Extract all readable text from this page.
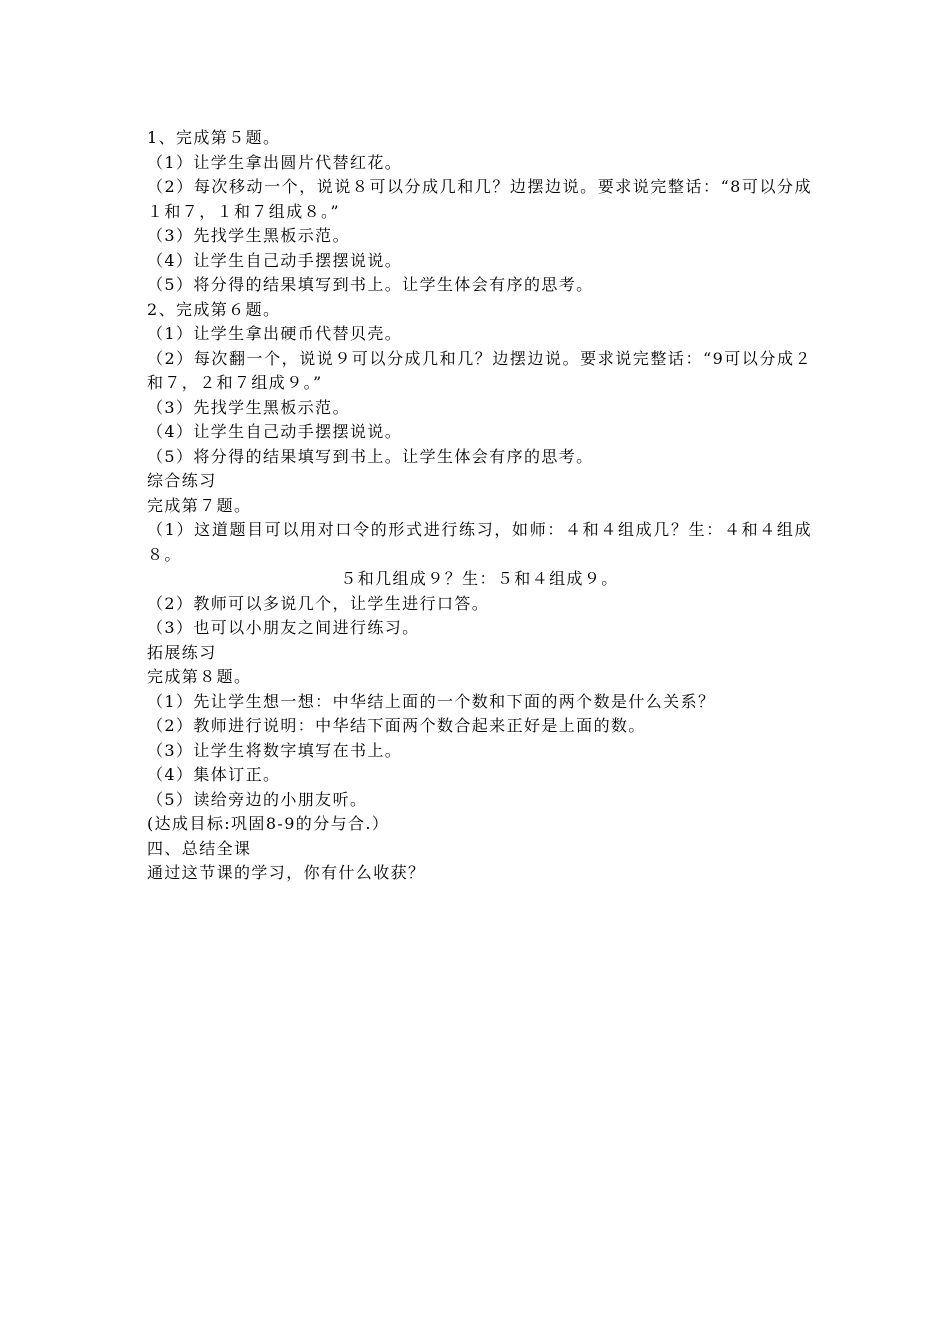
1、完成第５题。

（1）让学生拿出圆片代替红花。

（2）每次移动一个，说说８可以分成几和几？边摆边说。要求说完整话：“8可以分成１和７，１和７组成８。”

（3）先找学生黑板示范。

（4）让学生自己动手摆摆说说。

（5）将分得的结果填写到书上。让学生体会有序的思考。

2、完成第６题。

（1）让学生拿出硬币代替贝壳。

（2）每次翻一个，说说９可以分成几和几？边摆边说。要求说完整话：“9可以分成２和７，２和７组成９。”

（3）先找学生黑板示范。

（4）让学生自己动手摆摆说说。

（5）将分得的结果填写到书上。让学生体会有序的思考。

综合练习

完成第７题。

（1）这道题目可以用对口令的形式进行练习，如师：４和４组成几？生：４和４组成８。

５和几组成９？生：５和４组成９。

（2）教师可以多说几个，让学生进行口答。

（3）也可以小朋友之间进行练习。

拓展练习

完成第８题。

（1）先让学生想一想：中华结上面的一个数和下面的两个数是什么关系？

（2）教师进行说明：中华结下面两个数合起来正好是上面的数。

（3）让学生将数字填写在书上。

（4）集体订正。

（5）读给旁边的小朋友听。

(达成目标:巩固8-9的分与合.）

四、总结全课

通过这节课的学习，你有什么收获？
